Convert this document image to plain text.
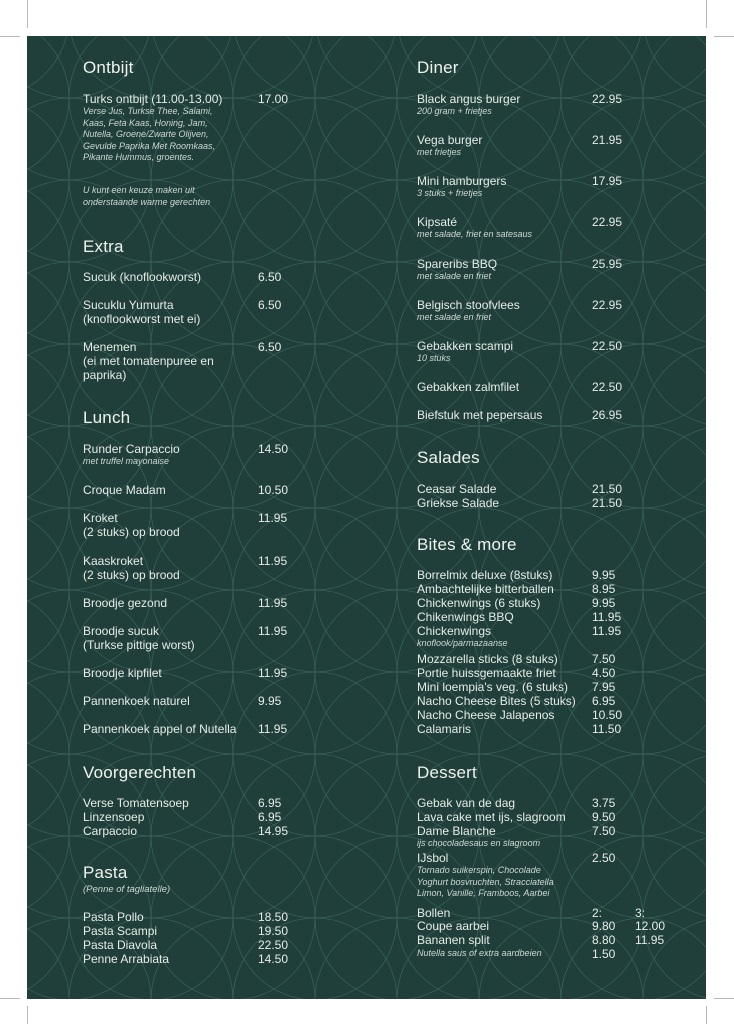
Ontbijt
Turks ontbijt (11.00-13.00)	17.00
Verse Jus, Turkse Thee, Salami,
Kaas, Feta Kaas, Honing, Jam,
Nutella, Groene/Zwarte Olijven,
Gevulde Paprika Met Roomkaas,
Pikante Hummus, groentes.
U kunt een keuze maken uit
onderstaande warme gerechten
Extra
Sucuk (knoflookworst)	6.50
Sucuklu Yumurta
(knoflookworst met ei)
6.50
Menemen
(ei met tomatenpuree en
paprika)
6.50
Lunch
Runder Carpaccio	14.50
met truffel mayonaise
Croque Madam	10.50
Kroket
(2 stuks) op brood
11.95
Kaaskroket
(2 stuks) op brood
11.95
Broodje gezond	11.95
Broodje sucuk
(Turkse pittige worst)
11.95
Broodje kipfilet	11.95
Pannenkoek naturel	9.95
Pannenkoek appel of Nutella 11.95
Voorgerechten
Verse Tomatensoep	6.95
Linzensoep	6.95
Carpaccio	14.95
Pasta
(Penne of tagliatelle)
Pasta Pollo	18.50
Pasta Scampi	19.50
Pasta Diavola	22.50
Penne Arrabiata	14.50
Diner
Black angus burger	22.95
200 gram + frietjes
Vega burger	21.95
met frietjes
Mini hamburgers	17.95
3 stuks + frietjes
Kipsaté	22.95
met salade, friet en satesaus
Spareribs BBQ	25.95
met salade en friet
Belgisch stoofvlees	22.95
met salade en friet
Gebakken scampi	22.50
10 stuks
Gebakken zalmfilet	22.50
Biefstuk met pepersaus	26.95
Salades
Ceasar Salade	21.50
Griekse Salade	21.50
Bites & more
Borrelmix deluxe (8stuks)	9.95
Ambachtelijke bitterballen	8.95
Chickenwings (6 stuks)	9.95
Chikenwings BBQ	11.95
Chickenwings	11.95
knoflook/parmazaanse
Mozzarella sticks (8 stuks)	7.50
Portie huissgemaakte friet	4.50
Mini loempia's veg. (6 stuks) 7.95
Nacho Cheese Bites (5 stuks) 6.95
Nacho Cheese Jalapenos	10.50
Calamaris	11.50
Dessert
Gebak van de dag	3.75
Lava cake met ijs, slagroom 9.50
Dame Blanche	7.50
ijs chocoladesaus en slagroom
IJsbol	2.50
Tornado suikerspin, Chocolade
Yoghurt bosvruchten, Stracciatella
Limon, Vanille, Framboos, Aarbei
Bollen	2:	3:
Coupe aarbei	9.80 12.00
Bananen split	8.80 11.95
Nutella saus of extra aardbeien	1.50
